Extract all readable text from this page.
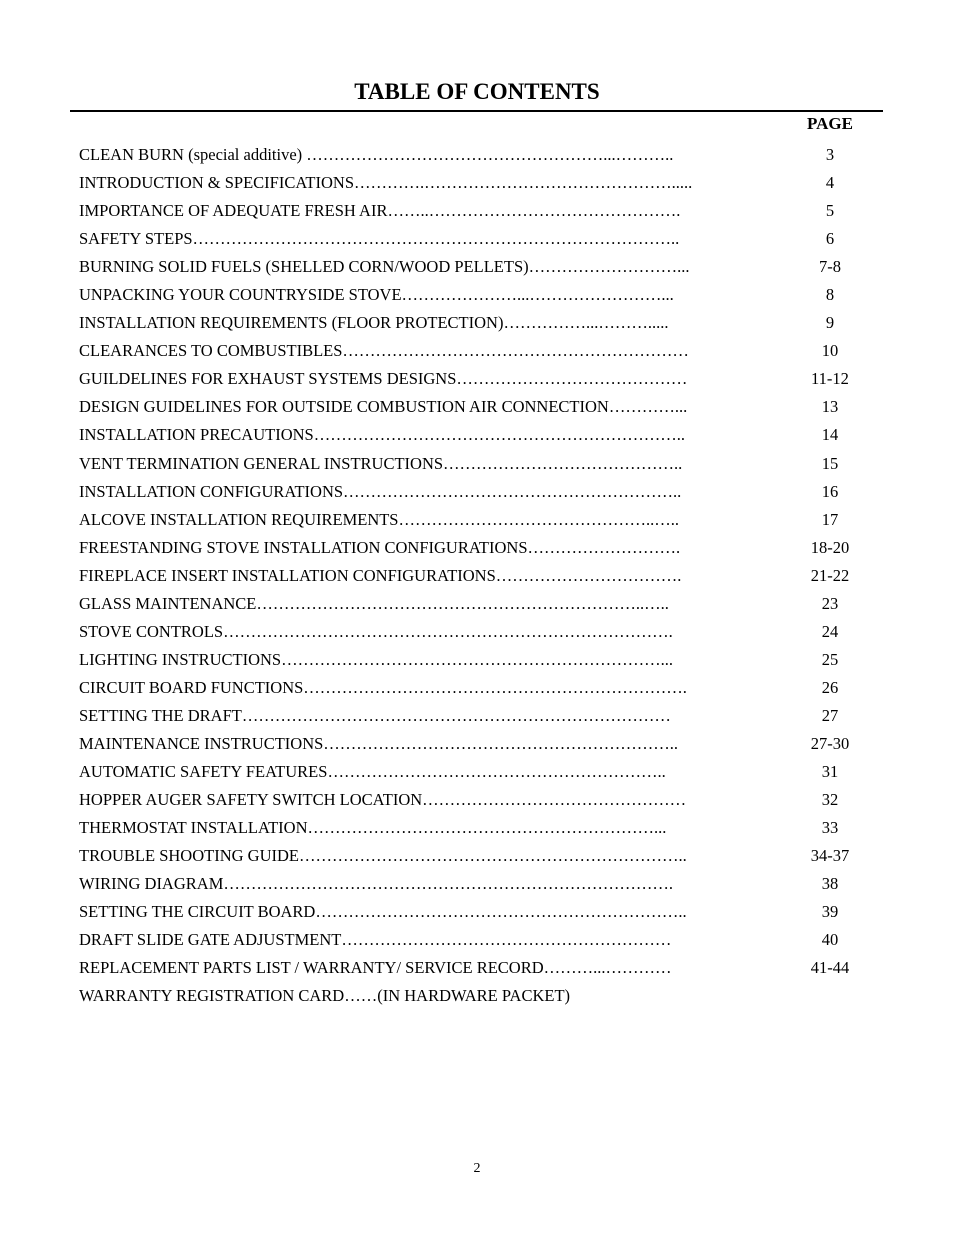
TABLE OF CONTENTS
PAGE
CLEAN BURN (special additive) ………………………………………………...………..	3
INTRODUCTION & SPECIFICATIONS………….……………………………………….....	4
IMPORTANCE OF ADEQUATE FRESH AIR……..……………………………………….	5
SAFETY STEPS……………………………………………………………………………..	6
BURNING SOLID FUELS (SHELLED CORN/WOOD PELLETS)………………………...	7-8
UNPACKING YOUR COUNTRYSIDE STOVE…………………...……………………...	8
INSTALLATION REQUIREMENTS (FLOOR PROTECTION)……………...……….....	9
CLEARANCES TO COMBUSTIBLES………………………………………………………	10
GUILDELINES FOR EXHAUST SYSTEMS DESIGNS……………………………………	11-12
DESIGN GUIDELINES FOR OUTSIDE COMBUSTION AIR CONNECTION…………...	13
INSTALLATION PRECAUTIONS…………………………………………………………..	14
VENT TERMINATION GENERAL INSTRUCTIONS……………………………………..	15
INSTALLATION CONFIGURATIONS……………………………………………………..	16
ALCOVE INSTALLATION REQUIREMENTS………………………………………..…..	17
FREESTANDING STOVE INSTALLATION CONFIGURATIONS……………………….	18-20
FIREPLACE INSERT INSTALLATION CONFIGURATIONS…………………………….	21-22
GLASS MAINTENANCE……………………………………………………………..…..	23
STOVE CONTROLS……………………………………………………………………….	24
LIGHTING INSTRUCTIONS……………………………………………………………...	25
CIRCUIT BOARD FUNCTIONS…………………………………………………………….	26
SETTING THE DRAFT……………………………………………………………………	27
MAINTENANCE INSTRUCTIONS………………………………………………………..	27-30
AUTOMATIC SAFETY FEATURES……………………………………………………..	31
HOPPER AUGER SAFETY SWITCH LOCATION…………………………………………	32
THERMOSTAT INSTALLATION………………………………………………………...	33
TROUBLE SHOOTING GUIDE……………………………………………………………..	34-37
WIRING DIAGRAM……………………………………………………………………….	38
SETTING THE CIRCUIT BOARD…………………………………………………………..	39
DRAFT SLIDE GATE ADJUSTMENT……………………………………………………	40
REPLACEMENT PARTS LIST / WARRANTY/ SERVICE RECORD………...…………	41-44
WARRANTY REGISTRATION CARD……(IN HARDWARE PACKET)
2
